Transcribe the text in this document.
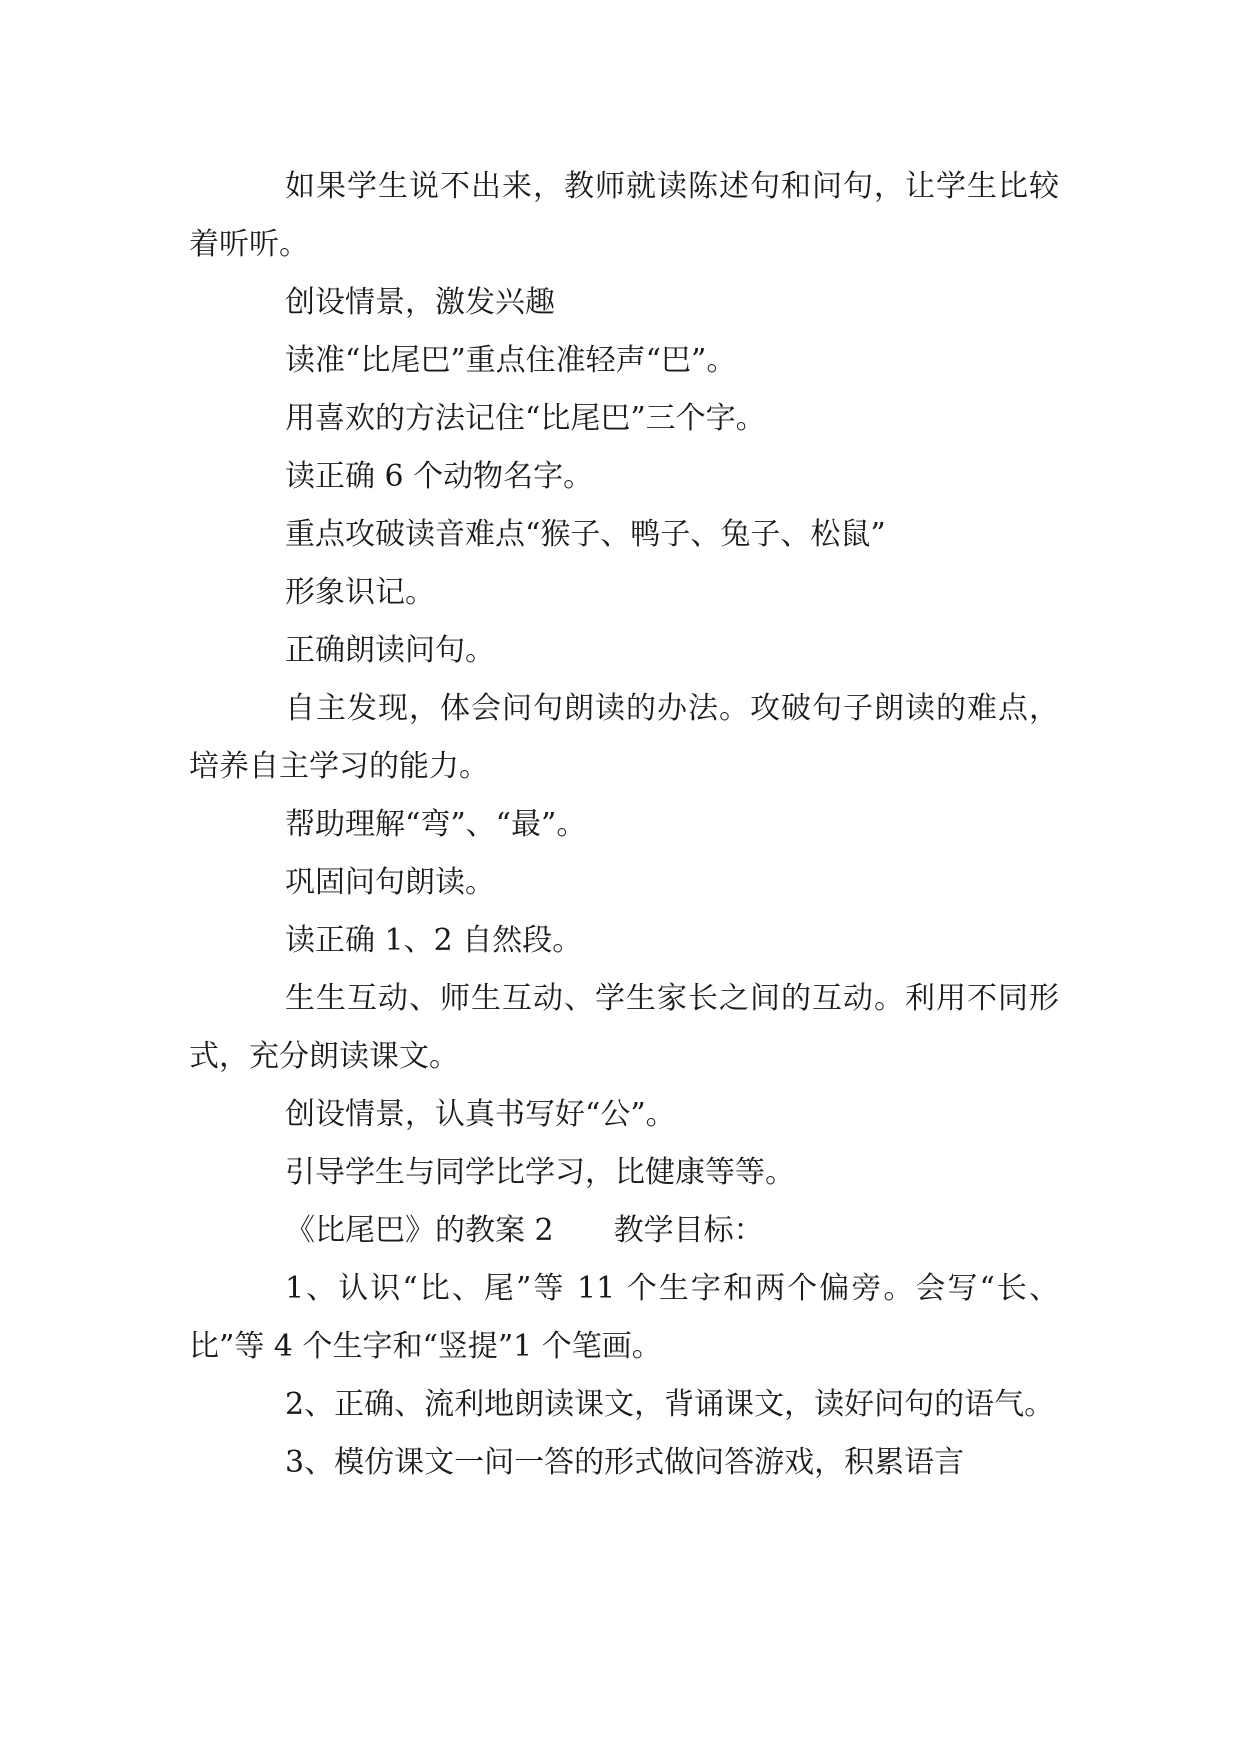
如果学生说不出来，教师就读陈述句和问句，让学生比较着听听。

创设情景，激发兴趣

读准“比尾巴”重点住准轻声“巴”。

用喜欢的方法记住“比尾巴”三个字。

读正确 6 个动物名字。

重点攻破读音难点“猴子、鸭子、兔子、松鼠”

形象识记。

正确朗读问句。

自主发现，体会问句朗读的办法。攻破句子朗读的难点，培养自主学习的能力。

帮助理解“弯”、“最”。

巩固问句朗读。

读正确 1、2 自然段。

生生互动、师生互动、学生家长之间的互动。利用不同形式，充分朗读课文。

创设情景，认真书写好“公”。

引导学生与同学比学习，比健康等等。

《比尾巴》的教案 2　　教学目标：

1、认识“比、尾”等 11 个生字和两个偏旁。会写“长、比”等 4 个生字和“竖提”1 个笔画。

2、正确、流利地朗读课文，背诵课文，读好问句的语气。

3、模仿课文一问一答的形式做问答游戏，积累语言
